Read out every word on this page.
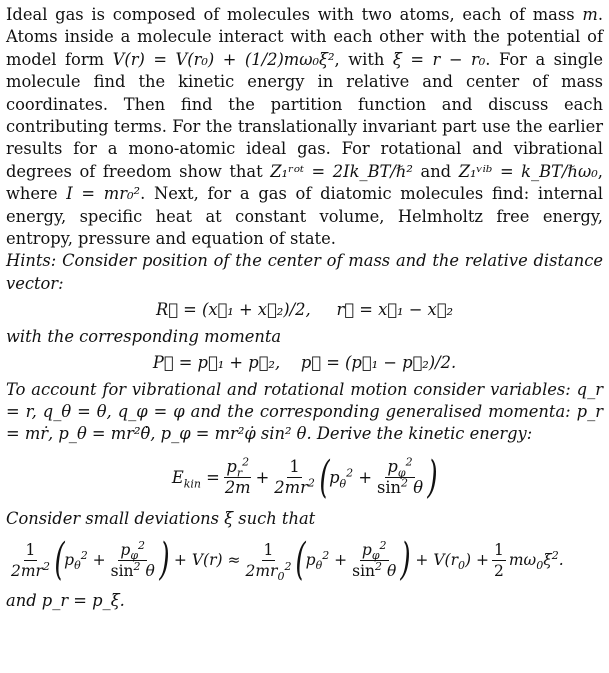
Ideal gas is composed of molecules with two atoms, each of mass m. Atoms inside a molecule interact with each other with the potential of model form V(r) = V(r₀) + (1/2)mω₀ξ², with ξ = r − r₀. For a single molecule find the kinetic energy in relative and center of mass coordinates. Then find the partition function and discuss each contributing terms. For the translationally invariant part use the earlier results for a mono-atomic ideal gas. For rotational and vibrational degrees of freedom show that Z₁ʳᵒᵗ = 2Ik_BT/ℏ² and Z₁ᵛⁱᵇ = k_BT/ℏω₀, where I = mr₀². Next, for a gas of diatomic molecules find: internal energy, specific heat at constant volume, Helmholtz free energy, entropy, pressure and equation of state.

Hints: Consider position of the center of mass and the relative distance vector:

R⃗ = (x⃗₁ + x⃗₂)/2,     r⃗ = x⃗₁ − x⃗₂

with the corresponding momenta

P⃗ = p⃗₁ + p⃗₂,    p⃗ = (p⃗₁ − p⃗₂)/2.

To account for vibrational and rotational motion consider variables: q_r = r, q_θ = θ, q_φ = φ and the corresponding generalised momenta: p_r = mṙ, p_θ = mr²θ̇, p_φ = mr²φ̇ sin² θ. Derive the kinetic energy:

$E_{kin} = \frac{p_r^2}{2m} + \frac{1}{2mr^2}$ ( $p_\theta^2 + \frac{p_\varphi^2}{\sin^2 \theta}$ )

Consider small deviations ξ such that

$\frac{1}{2mr^2}$ ( $p_\theta^2 + \frac{p_\varphi^2}{\sin^2 \theta}$ ) + $V(r) \approx \frac{1}{2mr_0^2}$ ( $p_\theta^2 + \frac{p_\varphi^2}{\sin^2 \theta}$ ) + $V(r_0) + \frac{1}{2} m\omega_0\xi^2$.

and p_r = p_ξ.
